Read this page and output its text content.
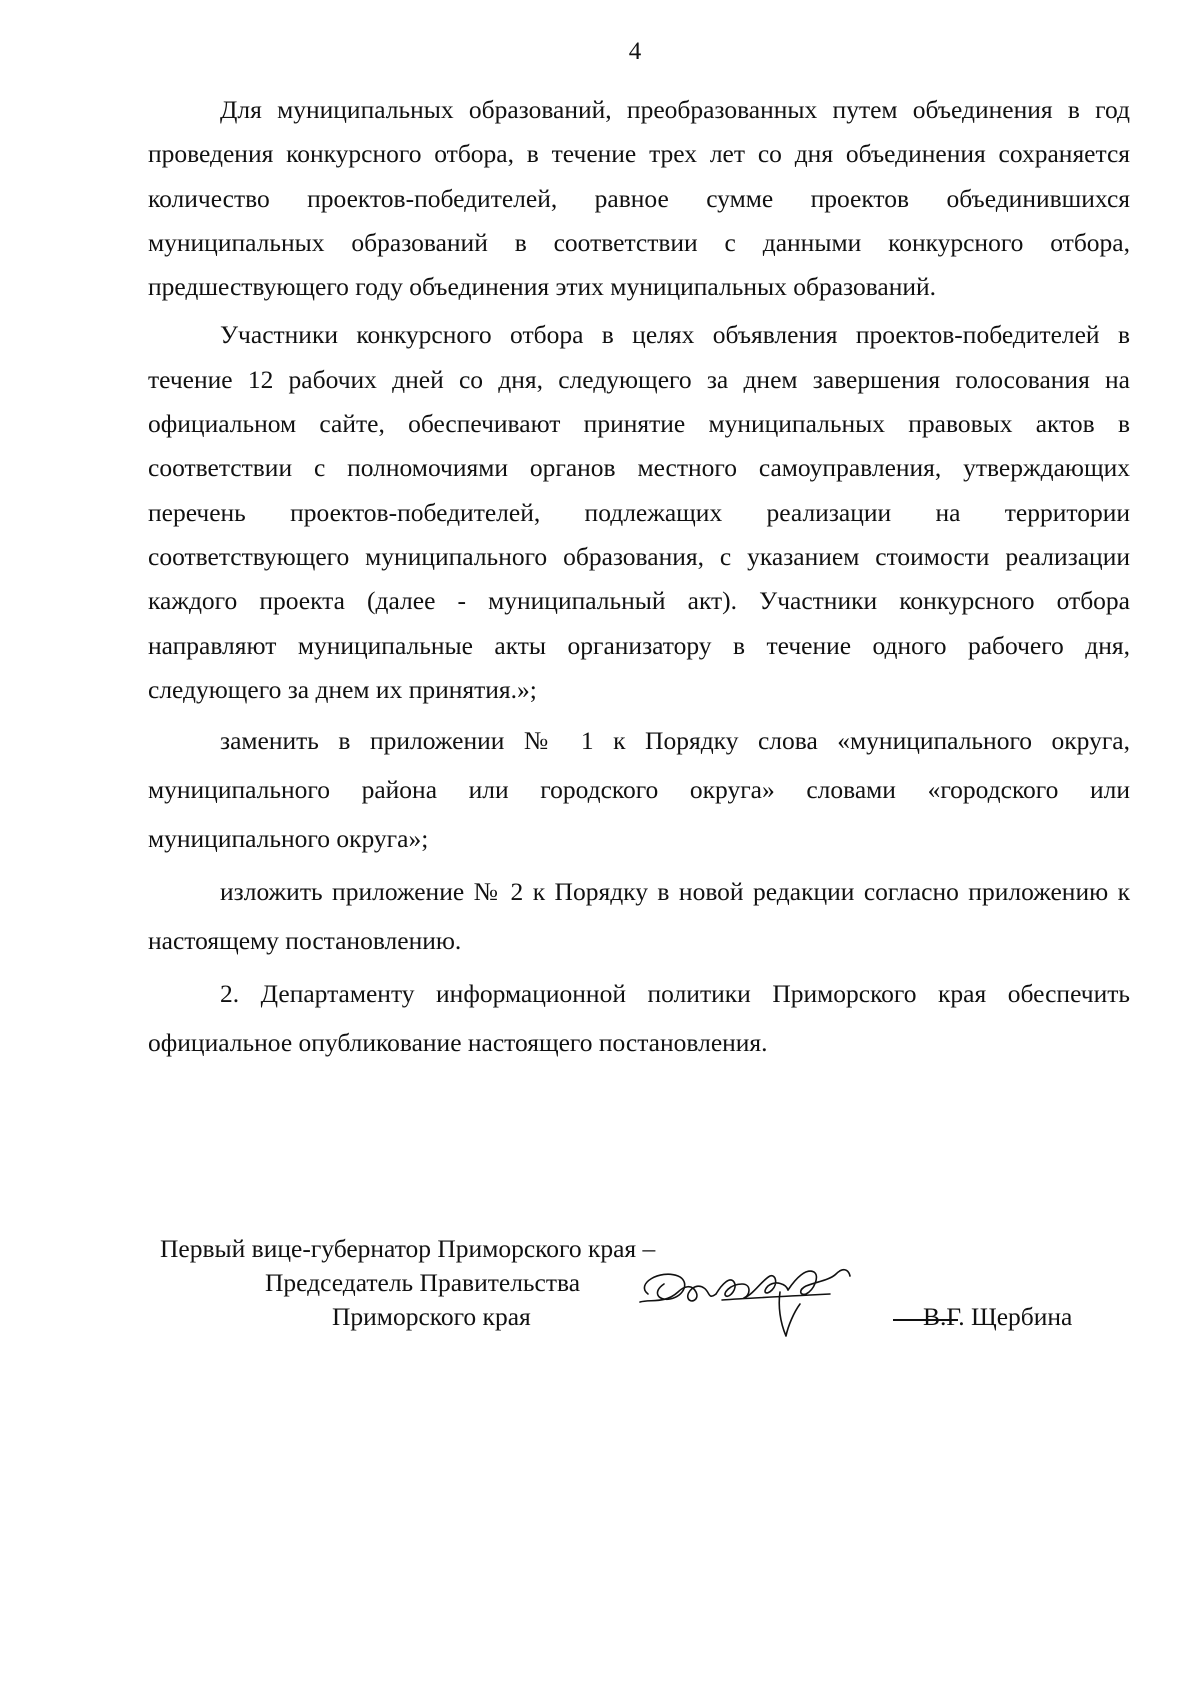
4

Для муниципальных образований, преобразованных путем объединения в год проведения конкурсного отбора, в течение трех лет со дня объединения сохраняется количество проектов-победителей, равное сумме проектов объединившихся муниципальных образований в соответствии с данными конкурсного отбора, предшествующего году объединения этих муниципальных образований.

Участники конкурсного отбора в целях объявления проектов-победителей в течение 12 рабочих дней со дня, следующего за днем завершения голосования на официальном сайте, обеспечивают принятие муниципальных правовых актов в соответствии с полномочиями органов местного самоуправления, утверждающих перечень проектов-победителей, подлежащих реализации на территории соответствующего муниципального образования, с указанием стоимости реализации каждого проекта (далее - муниципальный акт). Участники конкурсного отбора направляют муниципальные акты организатору в течение одного рабочего дня, следующего за днем их принятия.»;

заменить в приложении № 1 к Порядку слова «муниципального округа, муниципального района или городского округа» словами «городского или муниципального округа»;

изложить приложение № 2 к Порядку в новой редакции согласно приложению к настоящему постановлению.

2. Департаменту информационной политики Приморского края обеспечить официальное опубликование настоящего постановления.

Первый вице-губернатор Приморского края –
Председатель Правительства
Приморского края	В.Г. Щербина
